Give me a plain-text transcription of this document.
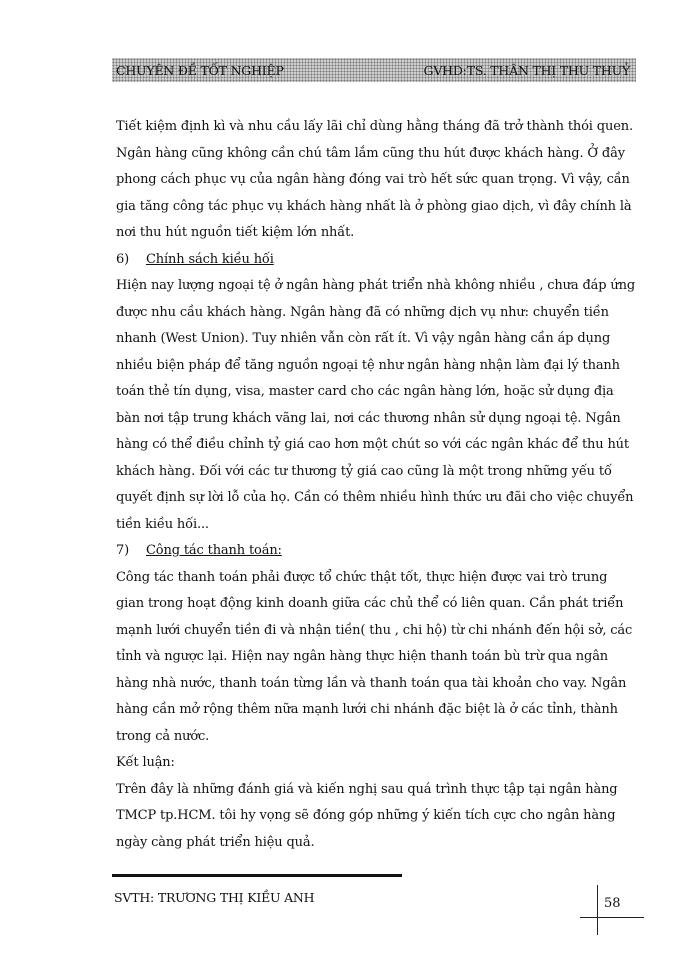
CHUYÊN ĐỀ TỐT NGHIỆP	GVHD:TS. THÂN THỊ THU THUỶ

Tiết kiệm định kì và nhu cầu lấy lãi chỉ dùng hằng tháng đã trở thành thói quen. Ngân hàng cũng không cần chú tâm lắm cũng thu hút được khách hàng. Ở đây phong cách phục vụ của ngân hàng đóng vai trò hết sức quan trọng. Vì vậy, cần gia tăng công tác phục vụ khách hàng nhất là ở phòng giao dịch, vì đây chính là nơi thu hút nguồn tiết kiệm lớn nhất.

6) Chính sách kiều hối

Hiện nay lượng ngoại tệ ở ngân hàng phát triển nhà không nhiều , chưa đáp ứng được nhu cầu khách hàng. Ngân hàng đã có những dịch vụ như: chuyển tiền nhanh (West Union). Tuy nhiên vẫn còn rất ít. Vì vậy ngân hàng cần áp dụng nhiều biện pháp để tăng nguồn ngoại tệ như ngân hàng nhận làm đại lý thanh toán thẻ tín dụng, visa, master card cho các ngân hàng lớn, hoặc sử dụng địa bàn nơi tập trung khách vãng lai, nơi các thương nhân sử dụng ngoại tệ. Ngân hàng có thể điều chỉnh tỷ giá cao hơn một chút so với các ngân khác để thu hút khách hàng. Đối với các tư thương tỷ giá cao cũng là một trong những yếu tố quyết định sự lời lỗ của họ. Cần có thêm nhiều hình thức ưu đãi cho việc chuyển tiền kiều hối...

7) Công tác thanh toán:

Công tác thanh toán phải được tổ chức thật tốt, thực hiện được vai trò trung gian trong hoạt động kinh doanh giữa các chủ thể có liên quan. Cần phát triển mạnh lưới chuyển tiền đi và nhận tiền( thu , chi hộ) từ chi nhánh đến hội sở, các tỉnh và ngược lại. Hiện nay ngân hàng thực hiện thanh toán bù trừ qua ngân hàng nhà nước, thanh toán từng lần và thanh toán qua tài khoản cho vay. Ngân hàng cần mở rộng thêm nữa mạnh lưới chi nhánh đặc biệt là ở các tỉnh, thành trong cả nước.

Kết luận:

Trên đây là những đánh giá và kiến nghị sau quá trình thực tập tại ngân hàng TMCP tp.HCM. tôi hy vọng sẽ đóng góp những ý kiến tích cực cho ngân hàng ngày càng phát triển hiệu quả.

SVTH: TRƯƠNG THỊ KIỀU ANH	58
